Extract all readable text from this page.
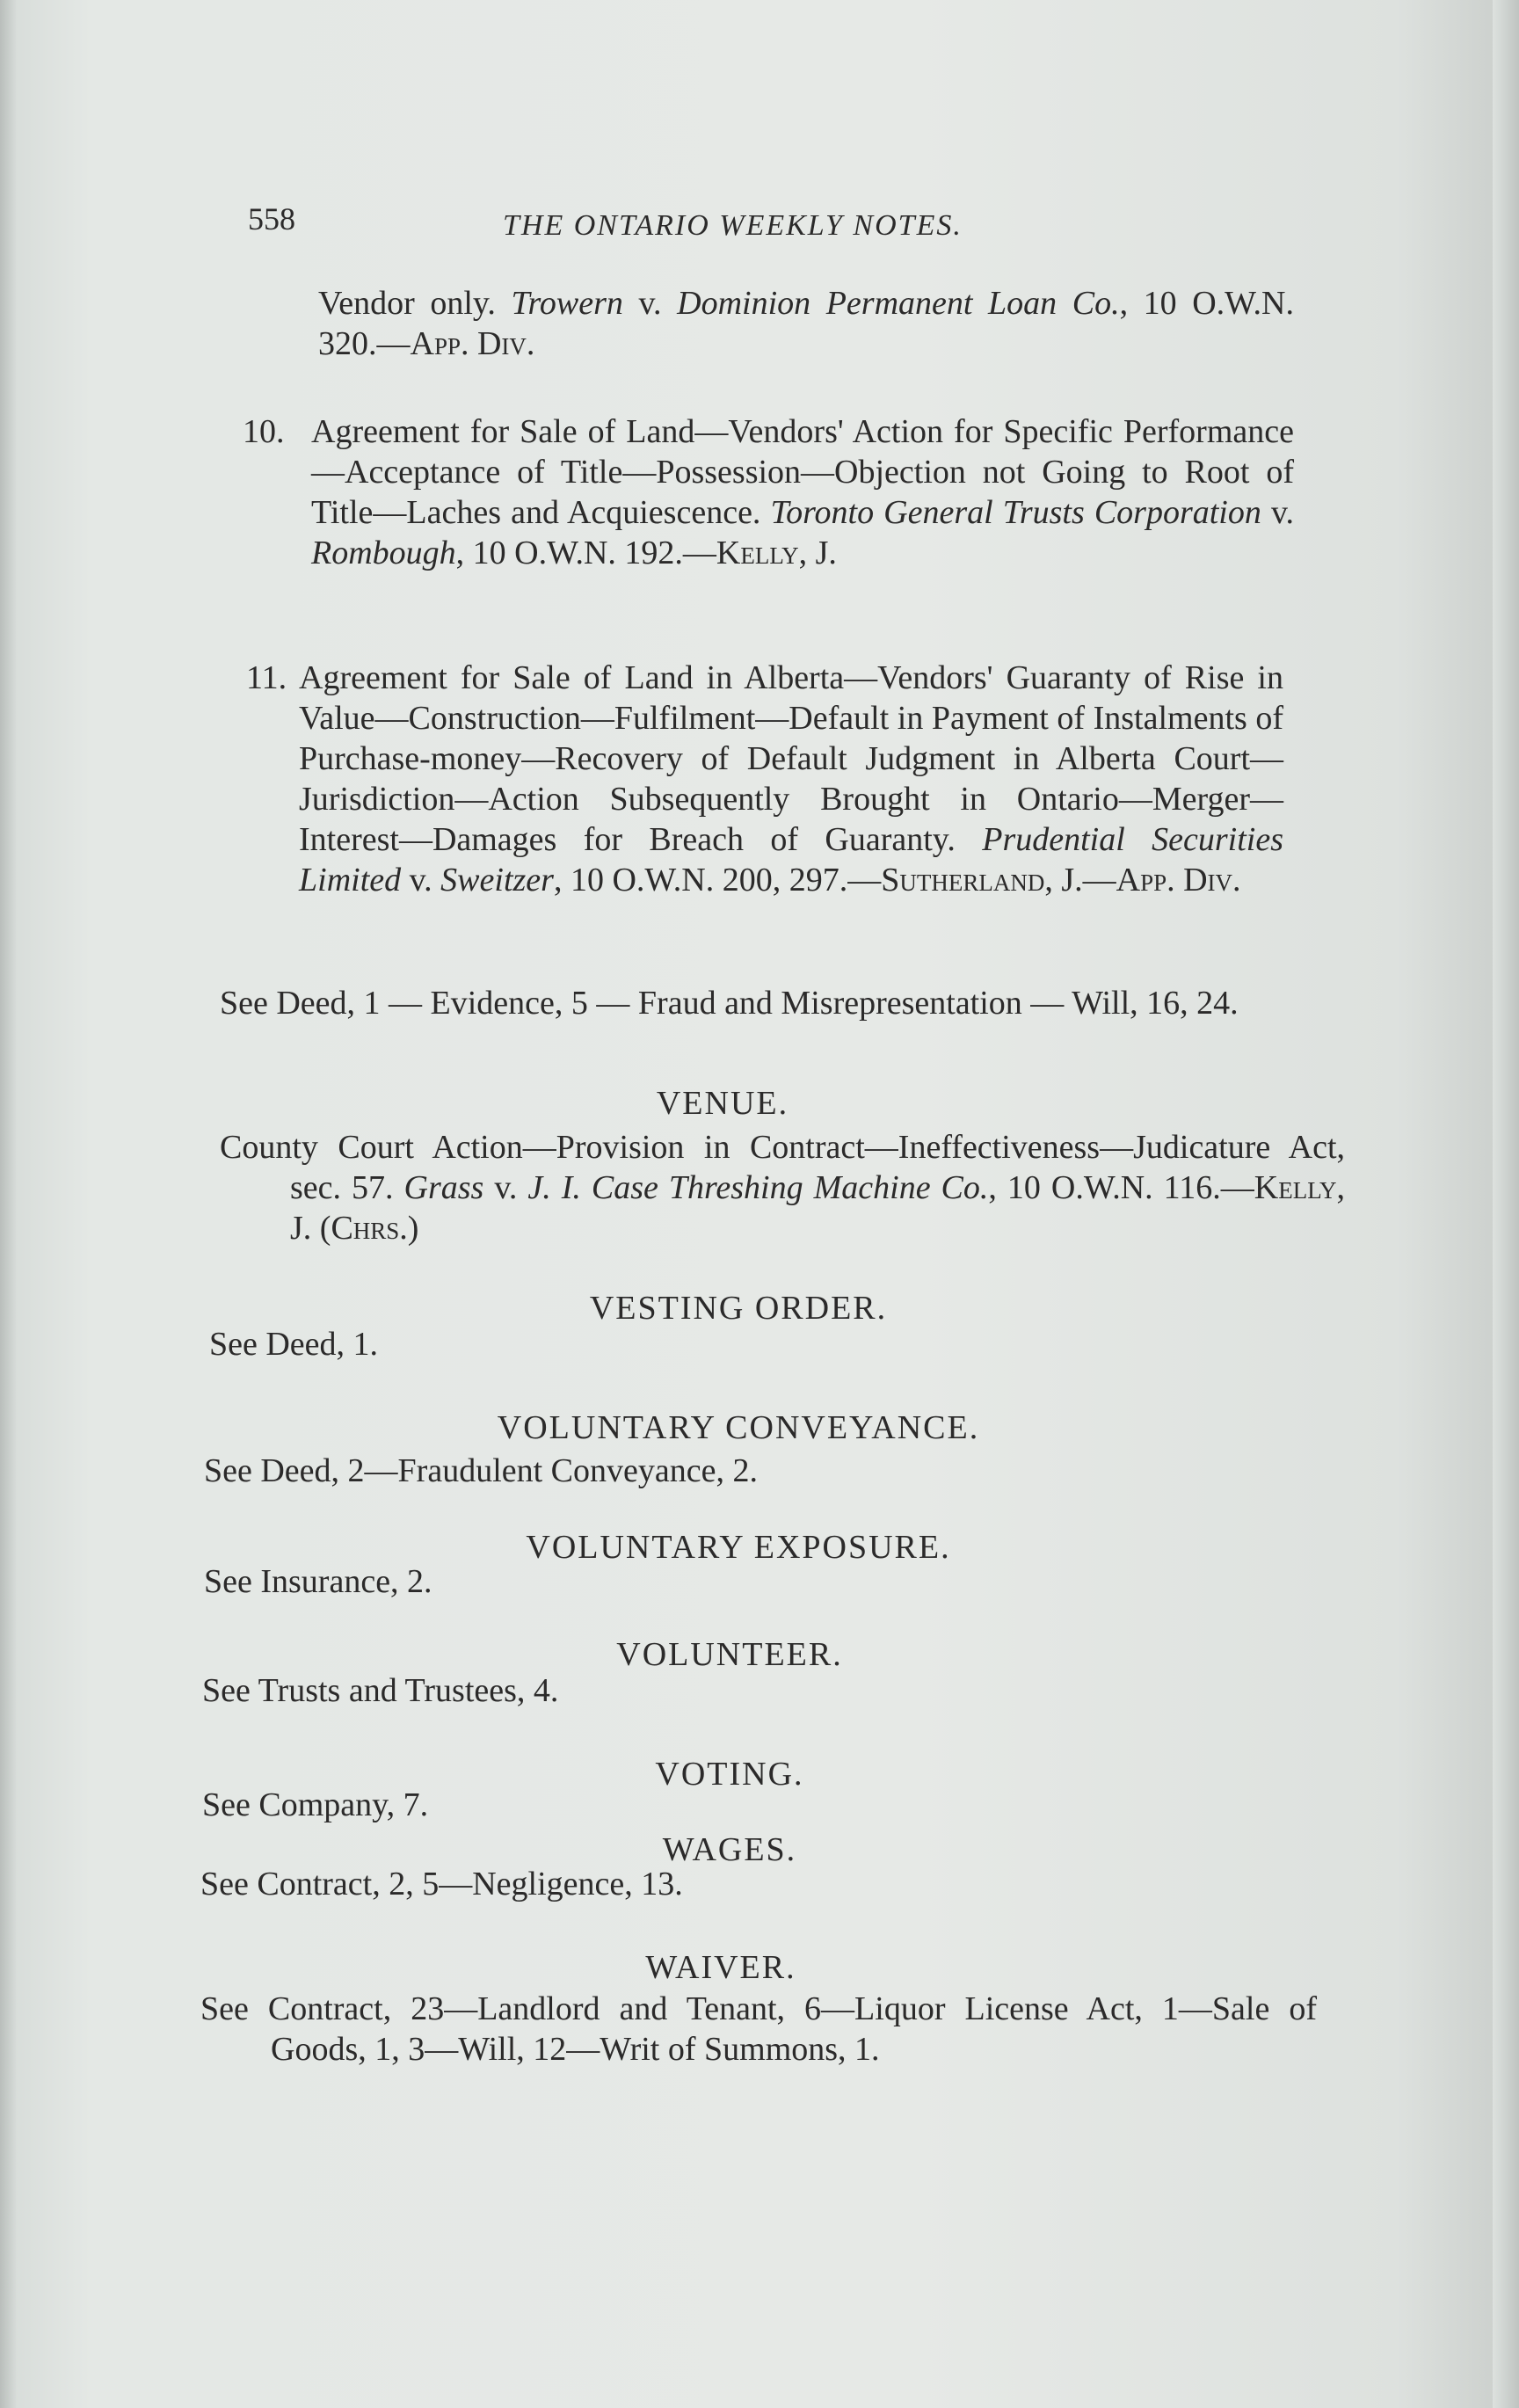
558	THE ONTARIO WEEKLY NOTES.
Vendor only. Trowern v. Dominion Permanent Loan Co., 10 O.W.N. 320.—App. Div.
10. Agreement for Sale of Land—Vendors' Action for Specific Performance—Acceptance of Title—Possession—Objection not Going to Root of Title—Laches and Acquiescence. Toronto General Trusts Corporation v. Rombough, 10 O.W.N. 192.—Kelly, J.
11. Agreement for Sale of Land in Alberta—Vendors' Guaranty of Rise in Value—Construction—Fulfilment—Default in Payment of Instalments of Purchase-money—Recovery of Default Judgment in Alberta Court—Jurisdiction—Action Subsequently Brought in Ontario—Merger—Interest—Damages for Breach of Guaranty. Prudential Securities Limited v. Sweitzer, 10 O.W.N. 200, 297.—Sutherland, J.—App. Div.
See Deed, 1 — Evidence, 5 — Fraud and Misrepresentation — Will, 16, 24.
VENUE.
County Court Action—Provision in Contract—Ineffectiveness—Judicature Act, sec. 57. Grass v. J. I. Case Threshing Machine Co., 10 O.W.N. 116.—Kelly, J. (Chrs.)
VESTING ORDER.
See Deed, 1.
VOLUNTARY CONVEYANCE.
See Deed, 2—Fraudulent Conveyance, 2.
VOLUNTARY EXPOSURE.
See Insurance, 2.
VOLUNTEER.
See Trusts and Trustees, 4.
VOTING.
See Company, 7.
WAGES.
See Contract, 2, 5—Negligence, 13.
WAIVER.
See Contract, 23—Landlord and Tenant, 6—Liquor License Act, 1—Sale of Goods, 1, 3—Will, 12—Writ of Summons, 1.
